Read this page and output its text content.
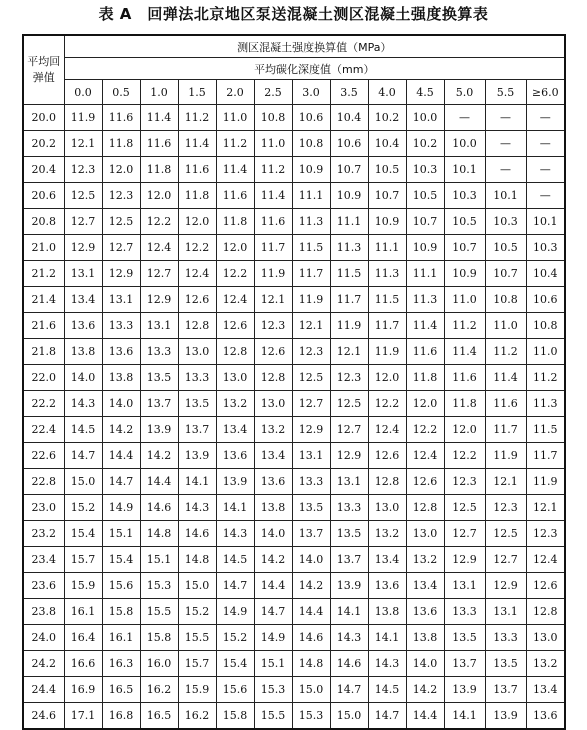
表 A　回弹法北京地区泵送混凝土测区混凝土强度换算表
平均回弹值	测区混凝土强度换算值（MPa）												
	平均碳化深度值（mm）												
	0.0	0.5	1.0	1.5	2.0	2.5	3.0	3.5	4.0	4.5	5.0	5.5	≥6.0
20.0	11.9	11.6	11.4	11.2	11.0	10.8	10.6	10.4	10.2	10.0	—	—	—
20.2	12.1	11.8	11.6	11.4	11.2	11.0	10.8	10.6	10.4	10.2	10.0	—	—
20.4	12.3	12.0	11.8	11.6	11.4	11.2	10.9	10.7	10.5	10.3	10.1	—	—
20.6	12.5	12.3	12.0	11.8	11.6	11.4	11.1	10.9	10.7	10.5	10.3	10.1	—
20.8	12.7	12.5	12.2	12.0	11.8	11.6	11.3	11.1	10.9	10.7	10.5	10.3	10.1
21.0	12.9	12.7	12.4	12.2	12.0	11.7	11.5	11.3	11.1	10.9	10.7	10.5	10.3
21.2	13.1	12.9	12.7	12.4	12.2	11.9	11.7	11.5	11.3	11.1	10.9	10.7	10.4
21.4	13.4	13.1	12.9	12.6	12.4	12.1	11.9	11.7	11.5	11.3	11.0	10.8	10.6
21.6	13.6	13.3	13.1	12.8	12.6	12.3	12.1	11.9	11.7	11.4	11.2	11.0	10.8
21.8	13.8	13.6	13.3	13.0	12.8	12.6	12.3	12.1	11.9	11.6	11.4	11.2	11.0
22.0	14.0	13.8	13.5	13.3	13.0	12.8	12.5	12.3	12.0	11.8	11.6	11.4	11.2
22.2	14.3	14.0	13.7	13.5	13.2	13.0	12.7	12.5	12.2	12.0	11.8	11.6	11.3
22.4	14.5	14.2	13.9	13.7	13.4	13.2	12.9	12.7	12.4	12.2	12.0	11.7	11.5
22.6	14.7	14.4	14.2	13.9	13.6	13.4	13.1	12.9	12.6	12.4	12.2	11.9	11.7
22.8	15.0	14.7	14.4	14.1	13.9	13.6	13.3	13.1	12.8	12.6	12.3	12.1	11.9
23.0	15.2	14.9	14.6	14.3	14.1	13.8	13.5	13.3	13.0	12.8	12.5	12.3	12.1
23.2	15.4	15.1	14.8	14.6	14.3	14.0	13.7	13.5	13.2	13.0	12.7	12.5	12.3
23.4	15.7	15.4	15.1	14.8	14.5	14.2	14.0	13.7	13.4	13.2	12.9	12.7	12.4
23.6	15.9	15.6	15.3	15.0	14.7	14.4	14.2	13.9	13.6	13.4	13.1	12.9	12.6
23.8	16.1	15.8	15.5	15.2	14.9	14.7	14.4	14.1	13.8	13.6	13.3	13.1	12.8
24.0	16.4	16.1	15.8	15.5	15.2	14.9	14.6	14.3	14.1	13.8	13.5	13.3	13.0
24.2	16.6	16.3	16.0	15.7	15.4	15.1	14.8	14.6	14.3	14.0	13.7	13.5	13.2
24.4	16.9	16.5	16.2	15.9	15.6	15.3	15.0	14.7	14.5	14.2	13.9	13.7	13.4
24.6	17.1	16.8	16.5	16.2	15.8	15.5	15.3	15.0	14.7	14.4	14.1	13.9	13.6
